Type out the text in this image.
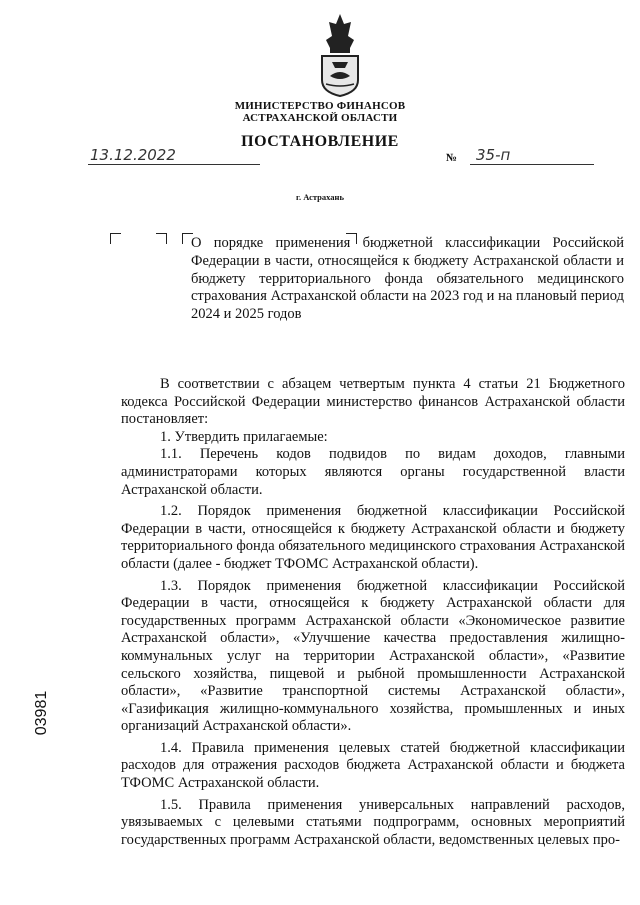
МИНИСТЕРСТВО ФИНАНСОВ
АСТРАХАНСКОЙ ОБЛАСТИ
ПОСТАНОВЛЕНИЕ
13.12.2022	№	35-п
г. Астрахань
О порядке применения бюджетной классификации Российской Федерации в части, относящейся к бюджету Астраханской области и бюджету территориального фонда обязательного медицинского страхования Астраханской области на 2023 год и на плановый период 2024 и 2025 годов

В соответствии с абзацем четвертым пункта 4 статьи 21 Бюджетного кодекса Российской Федерации министерство финансов Астраханской области постановляет:

1. Утвердить прилагаемые:

1.1. Перечень кодов подвидов по видам доходов, главными администраторами которых являются органы государственной власти Астраханской области.

1.2. Порядок применения бюджетной классификации Российской Федерации в части, относящейся к бюджету Астраханской области и бюджету территориального фонда обязательного медицинского страхования Астраханской области (далее - бюджет ТФОМС Астраханской области).

1.3. Порядок применения бюджетной классификации Российской Федерации в части, относящейся к бюджету Астраханской области для государственных программ Астраханской области «Экономическое развитие Астраханской области», «Улучшение качества предоставления жилищно-коммунальных услуг на территории Астраханской области», «Развитие сельского хозяйства, пищевой и рыбной промышленности Астраханской области», «Развитие транспортной системы Астраханской области», «Газификация жилищно-коммунального хозяйства, промышленных и иных организаций Астраханской области».

1.4. Правила применения целевых статей бюджетной классификации расходов для отражения расходов бюджета Астраханской области и бюджета ТФОМС Астраханской области.

1.5. Правила применения универсальных направлений расходов, увязываемых с целевыми статьями подпрограмм, основных мероприятий государственных программ Астраханской области, ведомственных целевых про-

03981
